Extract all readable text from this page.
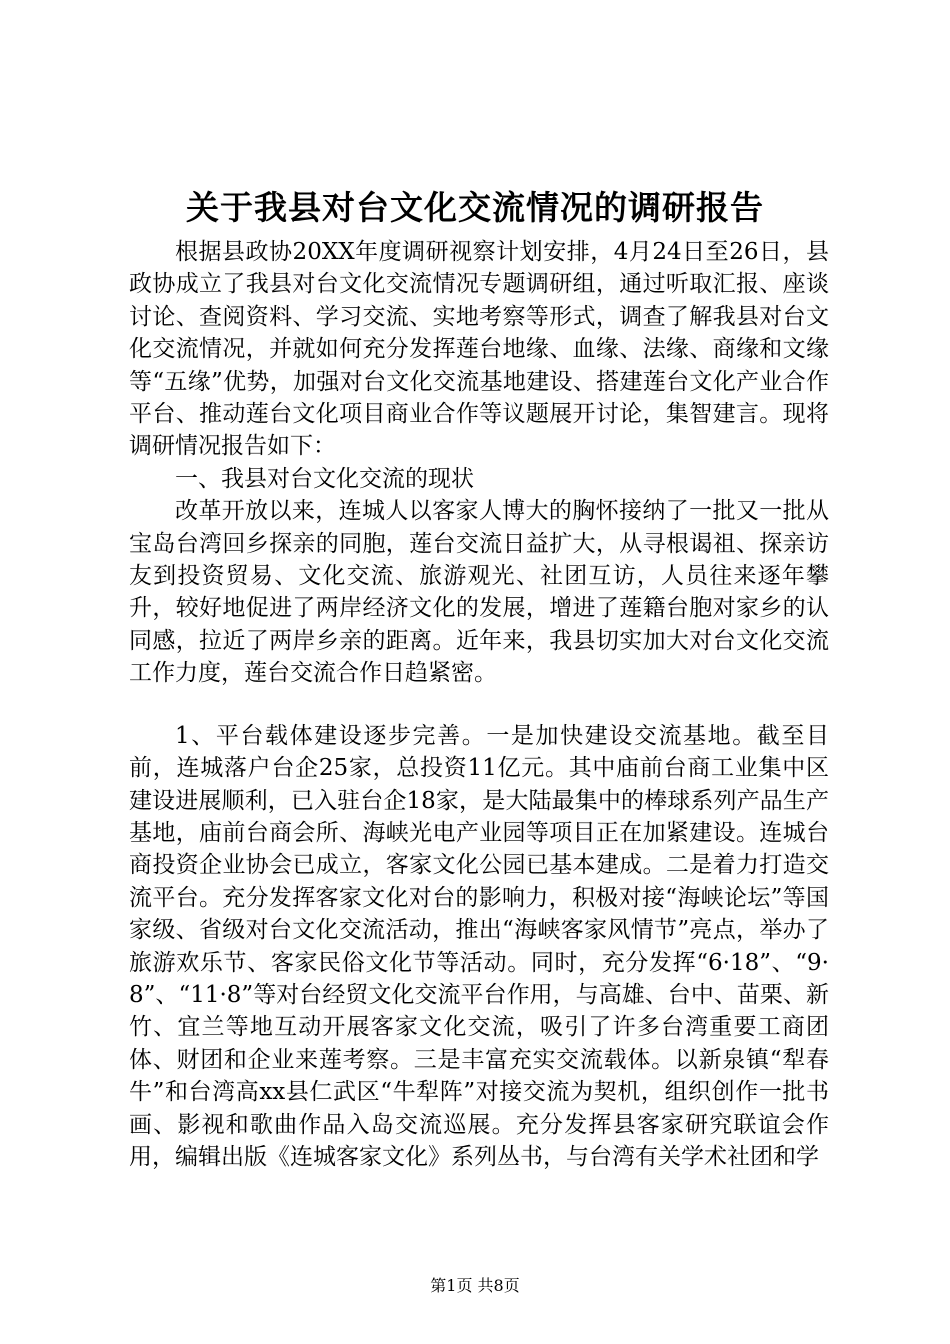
关于我县对台文化交流情况的调研报告

根据县政协20XX年度调研视察计划安排，4月24日至26日，县政协成立了我县对台文化交流情况专题调研组，通过听取汇报、座谈讨论、查阅资料、学习交流、实地考察等形式，调查了解我县对台文化交流情况，并就如何充分发挥莲台地缘、血缘、法缘、商缘和文缘等“五缘”优势，加强对台文化交流基地建设、搭建莲台文化产业合作平台、推动莲台文化项目商业合作等议题展开讨论，集智建言。现将调研情况报告如下：

一、我县对台文化交流的现状

改革开放以来，连城人以客家人博大的胸怀接纳了一批又一批从宝岛台湾回乡探亲的同胞，莲台交流日益扩大，从寻根谒祖、探亲访友到投资贸易、文化交流、旅游观光、社团互访，人员往来逐年攀升，较好地促进了两岸经济文化的发展，增进了莲籍台胞对家乡的认同感，拉近了两岸乡亲的距离。近年来，我县切实加大对台文化交流工作力度，莲台交流合作日趋紧密。

1、平台载体建设逐步完善。一是加快建设交流基地。截至目前，连城落户台企25家，总投资11亿元。其中庙前台商工业集中区建设进展顺利，已入驻台企18家，是大陆最集中的棒球系列产品生产基地，庙前台商会所、海峡光电产业园等项目正在加紧建设。连城台商投资企业协会已成立，客家文化公园已基本建成。二是着力打造交流平台。充分发挥客家文化对台的影响力，积极对接“海峡论坛”等国家级、省级对台文化交流活动，推出“海峡客家风情节”亮点，举办了旅游欢乐节、客家民俗文化节等活动。同时，充分发挥“6·18”、“9·8”、“11·8”等对台经贸文化交流平台作用，与高雄、台中、苗栗、新竹、宜兰等地互动开展客家文化交流，吸引了许多台湾重要工商团体、财团和企业来莲考察。三是丰富充实交流载体。以新泉镇“犁春牛”和台湾高xx县仁武区“牛犁阵”对接交流为契机，组织创作一批书画、影视和歌曲作品入岛交流巡展。充分发挥县客家研究联谊会作用，编辑出版《连城客家文化》系列丛书，与台湾有关学术社团和学

第1页 共8页
